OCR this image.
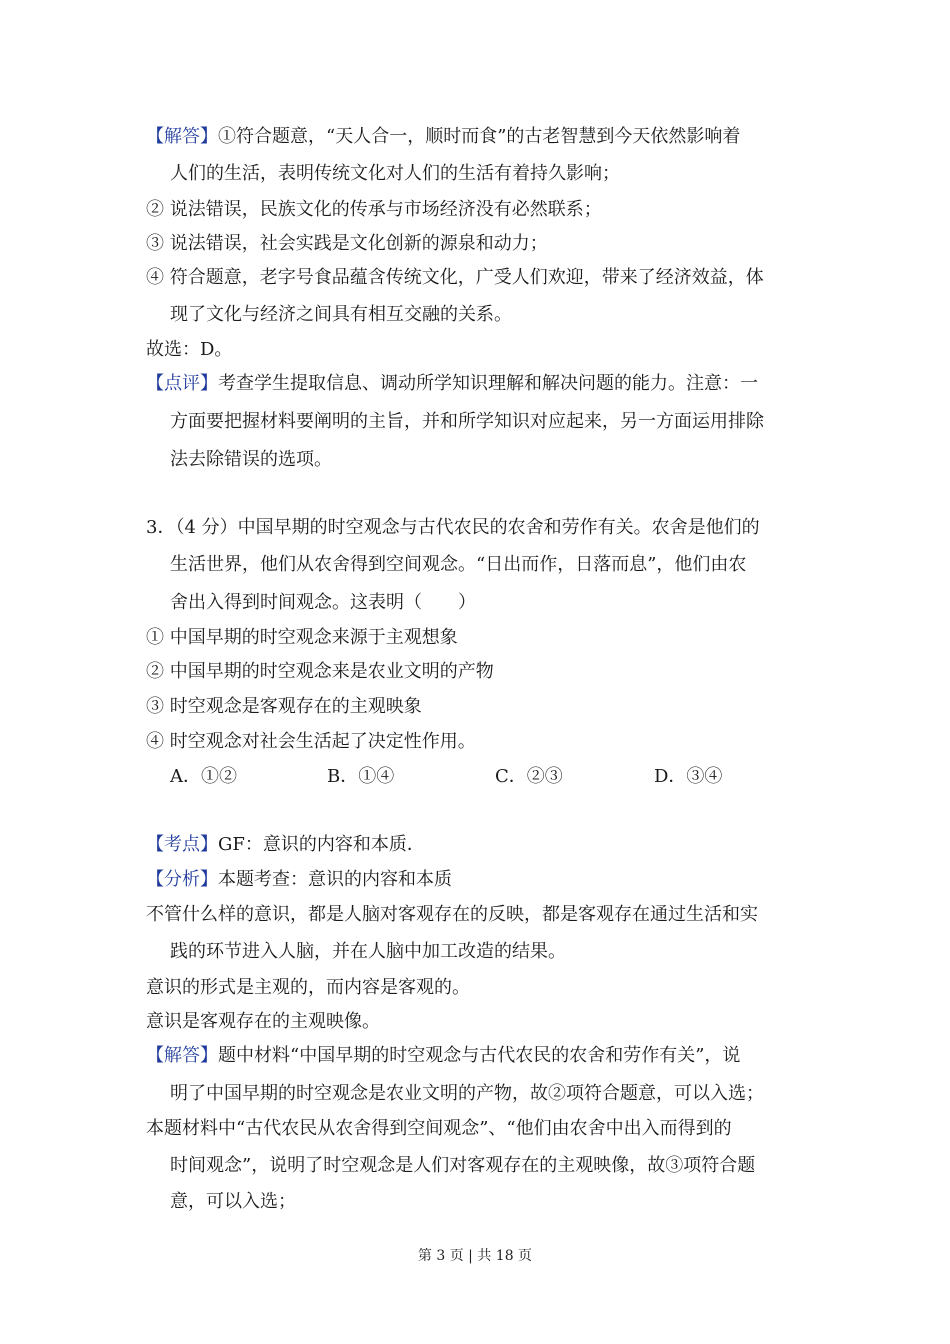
【解答】①符合题意，“天人合一，顺时而食”的古老智慧到今天依然影响着
人们的生活，表明传统文化对人们的生活有着持久影响；
② 说法错误，民族文化的传承与市场经济没有必然联系；
③ 说法错误，社会实践是文化创新的源泉和动力；
④ 符合题意，老字号食品蕴含传统文化，广受人们欢迎，带来了经济效益，体
现了文化与经济之间具有相互交融的关系。
故选：D。
【点评】考查学生提取信息、调动所学知识理解和解决问题的能力。注意：一
方面要把握材料要阐明的主旨，并和所学知识对应起来，另一方面运用排除
法去除错误的选项。
3．（4 分）中国早期的时空观念与古代农民的农舍和劳作有关。农舍是他们的
生活世界，他们从农舍得到空间观念。“日出而作，日落而息”，他们由农
舍出入得到时间观念。这表明（　　）
① 中国早期的时空观念来源于主观想象
② 中国早期的时空观念来是农业文明的产物
③ 时空观念是客观存在的主观映象
④ 时空观念对社会生活起了决定性作用。
A．①②	B．①④	C．②③	D．③④
【考点】GF：意识的内容和本质．
【分析】本题考查：意识的内容和本质
不管什么样的意识，都是人脑对客观存在的反映，都是客观存在通过生活和实
践的环节进入人脑，并在人脑中加工改造的结果。
意识的形式是主观的，而内容是客观的。
意识是客观存在的主观映像。
【解答】题中材料“中国早期的时空观念与古代农民的农舍和劳作有关”，说
明了中国早期的时空观念是农业文明的产物，故②项符合题意，可以入选；
本题材料中“古代农民从农舍得到空间观念”、“他们由农舍中出入而得到的
时间观念”，说明了时空观念是人们对客观存在的主观映像，故③项符合题
意，可以入选；
第 3 页 | 共 18 页
